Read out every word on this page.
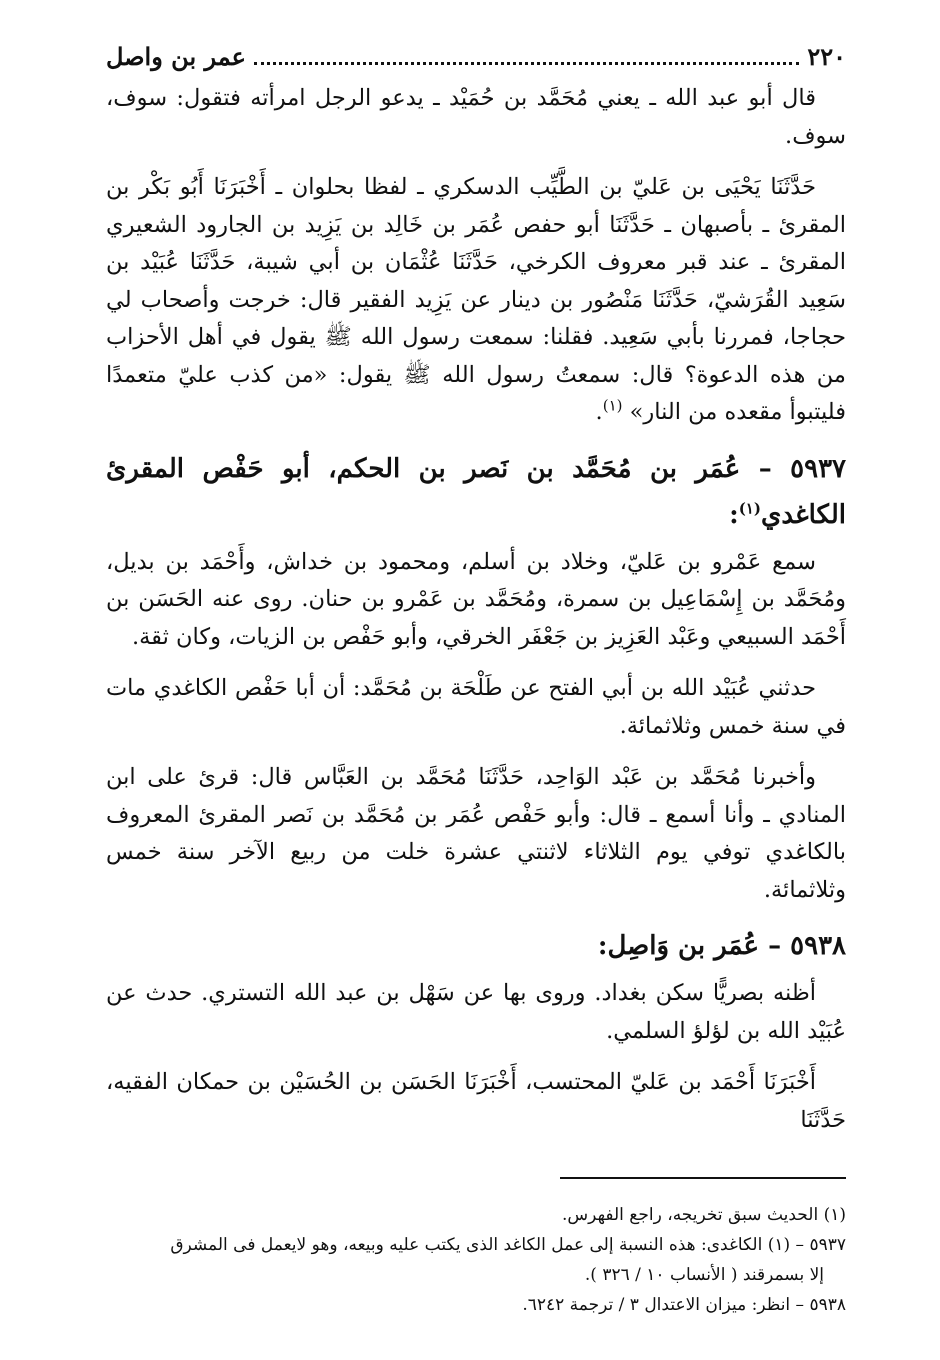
٢٢٠
عمر بن واصل

قال أبو عبد الله ـ يعني مُحَمَّد بن حُمَيْد ـ يدعو الرجل امرأته فتقول: سوف، سوف.

حَدَّثَنَا يَحْيَى بن عَليّ بن الطَّيِّب الدسكري ـ لفظا بحلوان ـ أَخْبَرَنَا أَبُو بَكْر بن المقرئ ـ بأصبهان ـ حَدَّثَنَا أبو حفص عُمَر بن خَالِد بن يَزِيد بن الجارود الشعيري المقرئ ـ عند قبر معروف الكرخي، حَدَّثَنَا عُثْمَان بن أبي شيبة، حَدَّثَنَا عُبَيْد بن سَعِيد القُرَشيّ، حَدَّثَنَا مَنْصُور بن دينار عن يَزِيد الفقير قال: خرجت وأصحاب لي حجاجا، فمررنا بأبي سَعِيد. فقلنا: سمعت رسول الله ﷺ يقول في أهل الأحزاب من هذه الدعوة؟ قال: سمعتُ رسول الله ﷺ يقول: «من كذب عليّ متعمدًا فليتبوأ مقعده من النار» $^{(١)}$.

٥٩٣٧ – عُمَر بن مُحَمَّد بن نَصر بن الحكم، أبو حَفْص المقرئ الكاغدي$^{(١)}$:

سمع عَمْرو بن عَليّ، وخلاد بن أسلم، ومحمود بن خداش، وأَحْمَد بن بديل، ومُحَمَّد بن إِسْمَاعِيل بن سمرة، ومُحَمَّد بن عَمْرو بن حنان. روى عنه الحَسَن بن أَحْمَد السبيعي وعَبْد العَزِيز بن جَعْفَر الخرقي، وأبو حَفْص بن الزيات، وكان ثقة.

حدثني عُبَيْد الله بن أبي الفتح عن طَلْحَة بن مُحَمَّد: أن أبا حَفْص الكاغدي مات في سنة خمس وثلاثمائة.

وأخبرنا مُحَمَّد بن عَبْد الوَاحِد، حَدَّثَنَا مُحَمَّد بن العَبَّاس قال: قرئ على ابن المنادي ـ وأنا أسمع ـ قال: وأبو حَفْص عُمَر بن مُحَمَّد بن نَصر المقرئ المعروف بالكاغدي توفي يوم الثلاثاء لاثنتي عشرة خلت من ربيع الآخر سنة خمس وثلاثمائة.

٥٩٣٨ – عُمَر بن وَاصِل:

أظنه بصريًّا سكن بغداد. وروى بها عن سَهْل بن عبد الله التستري. حدث عن عُبَيْد الله بن لؤلؤ السلمي.

أَخْبَرَنَا أَحْمَد بن عَليّ المحتسب، أَخْبَرَنَا الحَسَن بن الحُسَيْن بن حمكان الفقيه، حَدَّثَنَا

(١) الحديث سبق تخريجه، راجع الفهرس.

٥٩٣٧ – (١) الكاغدى: هذه النسبة إلى عمل الكاغد الذى يكتب عليه وبيعه، وهو لايعمل فى المشرق

إلا بسمرقند ( الأنساب ١٠ / ٣٢٦ ).

٥٩٣٨ – انظر: ميزان الاعتدال ٣ / ترجمة ٦٢٤٢.
